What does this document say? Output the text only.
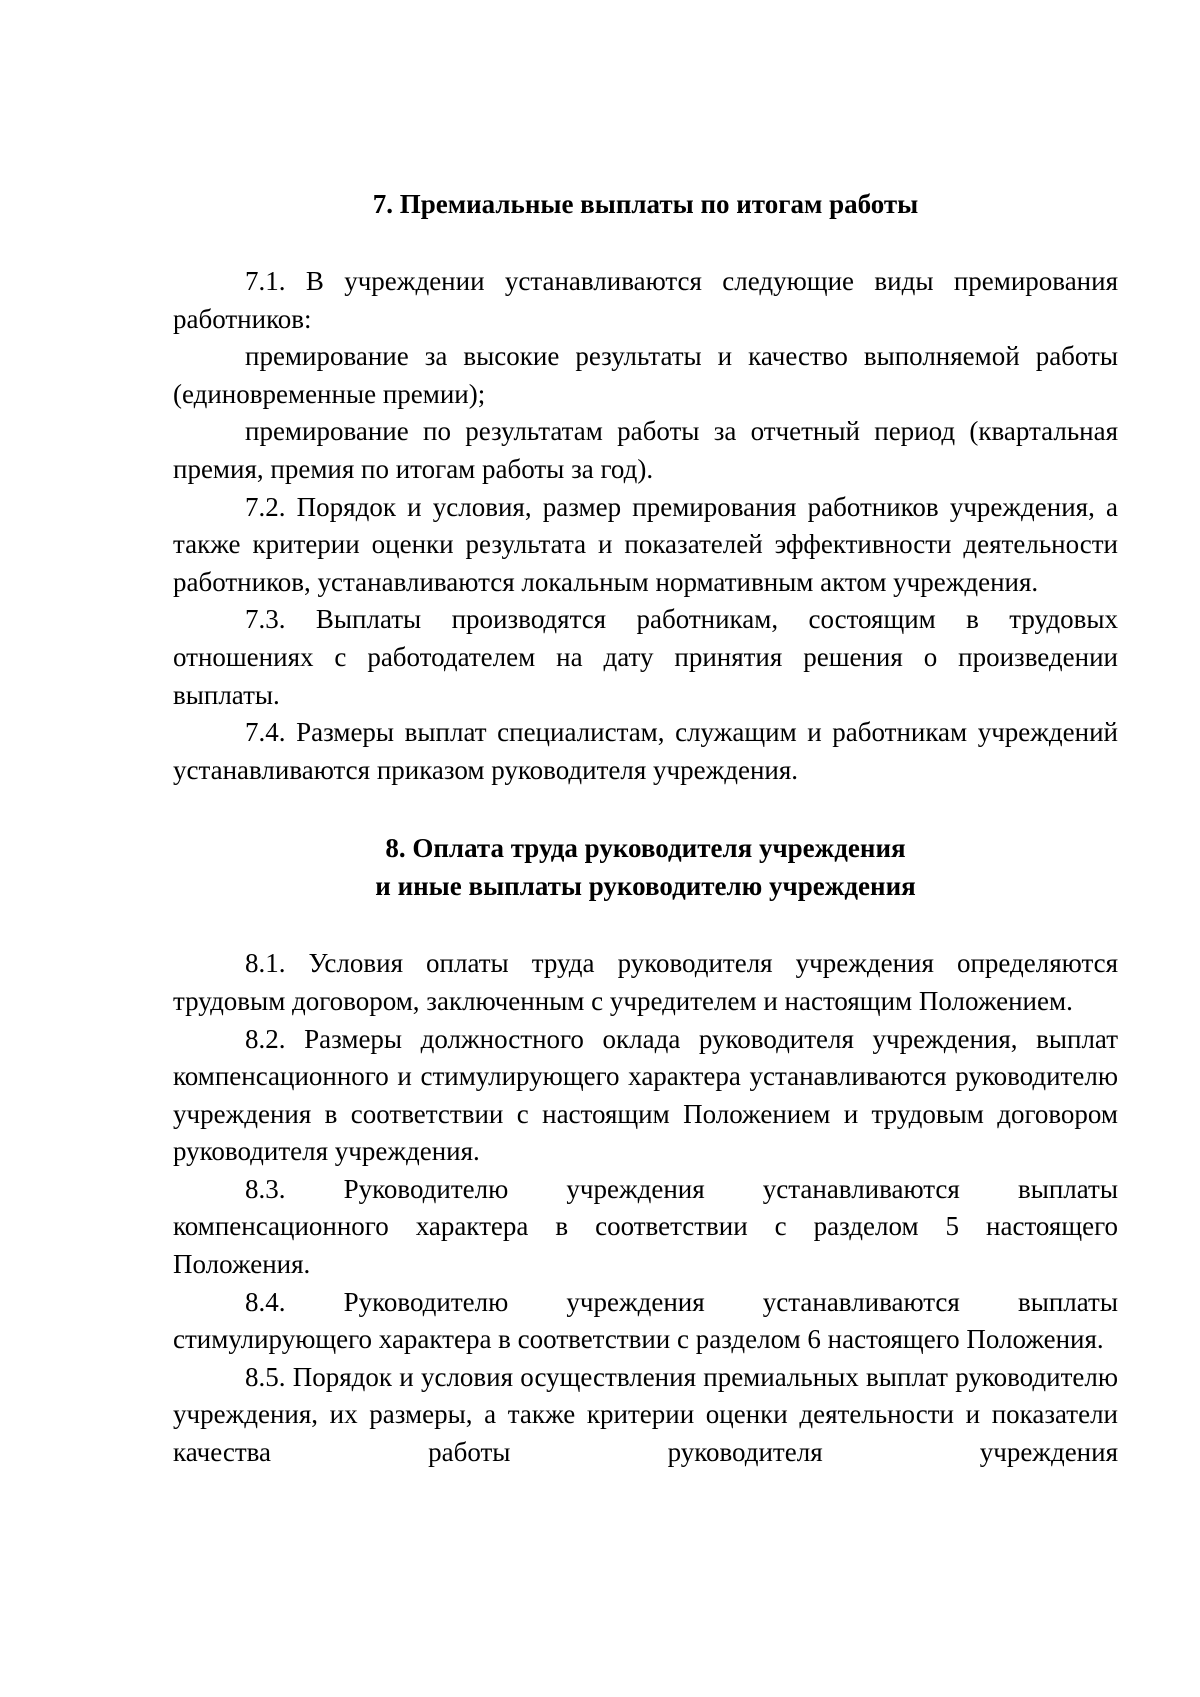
7. Премиальные выплаты по итогам работы

7.1. В учреждении устанавливаются следующие виды премирования работников:

премирование за высокие результаты и качество выполняемой работы (единовременные премии);

премирование по результатам работы за отчетный период (квартальная премия, премия по итогам работы за год).

7.2. Порядок и условия, размер премирования работников учреждения, а также критерии оценки результата и показателей эффективности деятельности работников, устанавливаются локальным нормативным актом учреждения.

7.3. Выплаты производятся работникам, состоящим в трудовых отношениях с работодателем на дату принятия решения о произведении выплаты.

7.4. Размеры выплат специалистам, служащим и работникам учреждений устанавливаются приказом руководителя учреждения.

8. Оплата труда руководителя учреждения
и иные выплаты руководителю учреждения

8.1. Условия оплаты труда руководителя учреждения определяются трудовым договором, заключенным с учредителем и настоящим Положением.

8.2. Размеры должностного оклада руководителя учреждения, выплат компенсационного и стимулирующего характера устанавливаются руководителю учреждения в соответствии с настоящим Положением и трудовым договором руководителя учреждения.

8.3. Руководителю учреждения устанавливаются выплаты компенсационного характера в соответствии с разделом 5 настоящего Положения.

8.4. Руководителю учреждения устанавливаются выплаты стимулирующего характера в соответствии с разделом 6 настоящего Положения.

8.5. Порядок и условия осуществления премиальных выплат руководителю учреждения, их размеры, а также критерии оценки деятельности и показатели качества работы руководителя учреждения
